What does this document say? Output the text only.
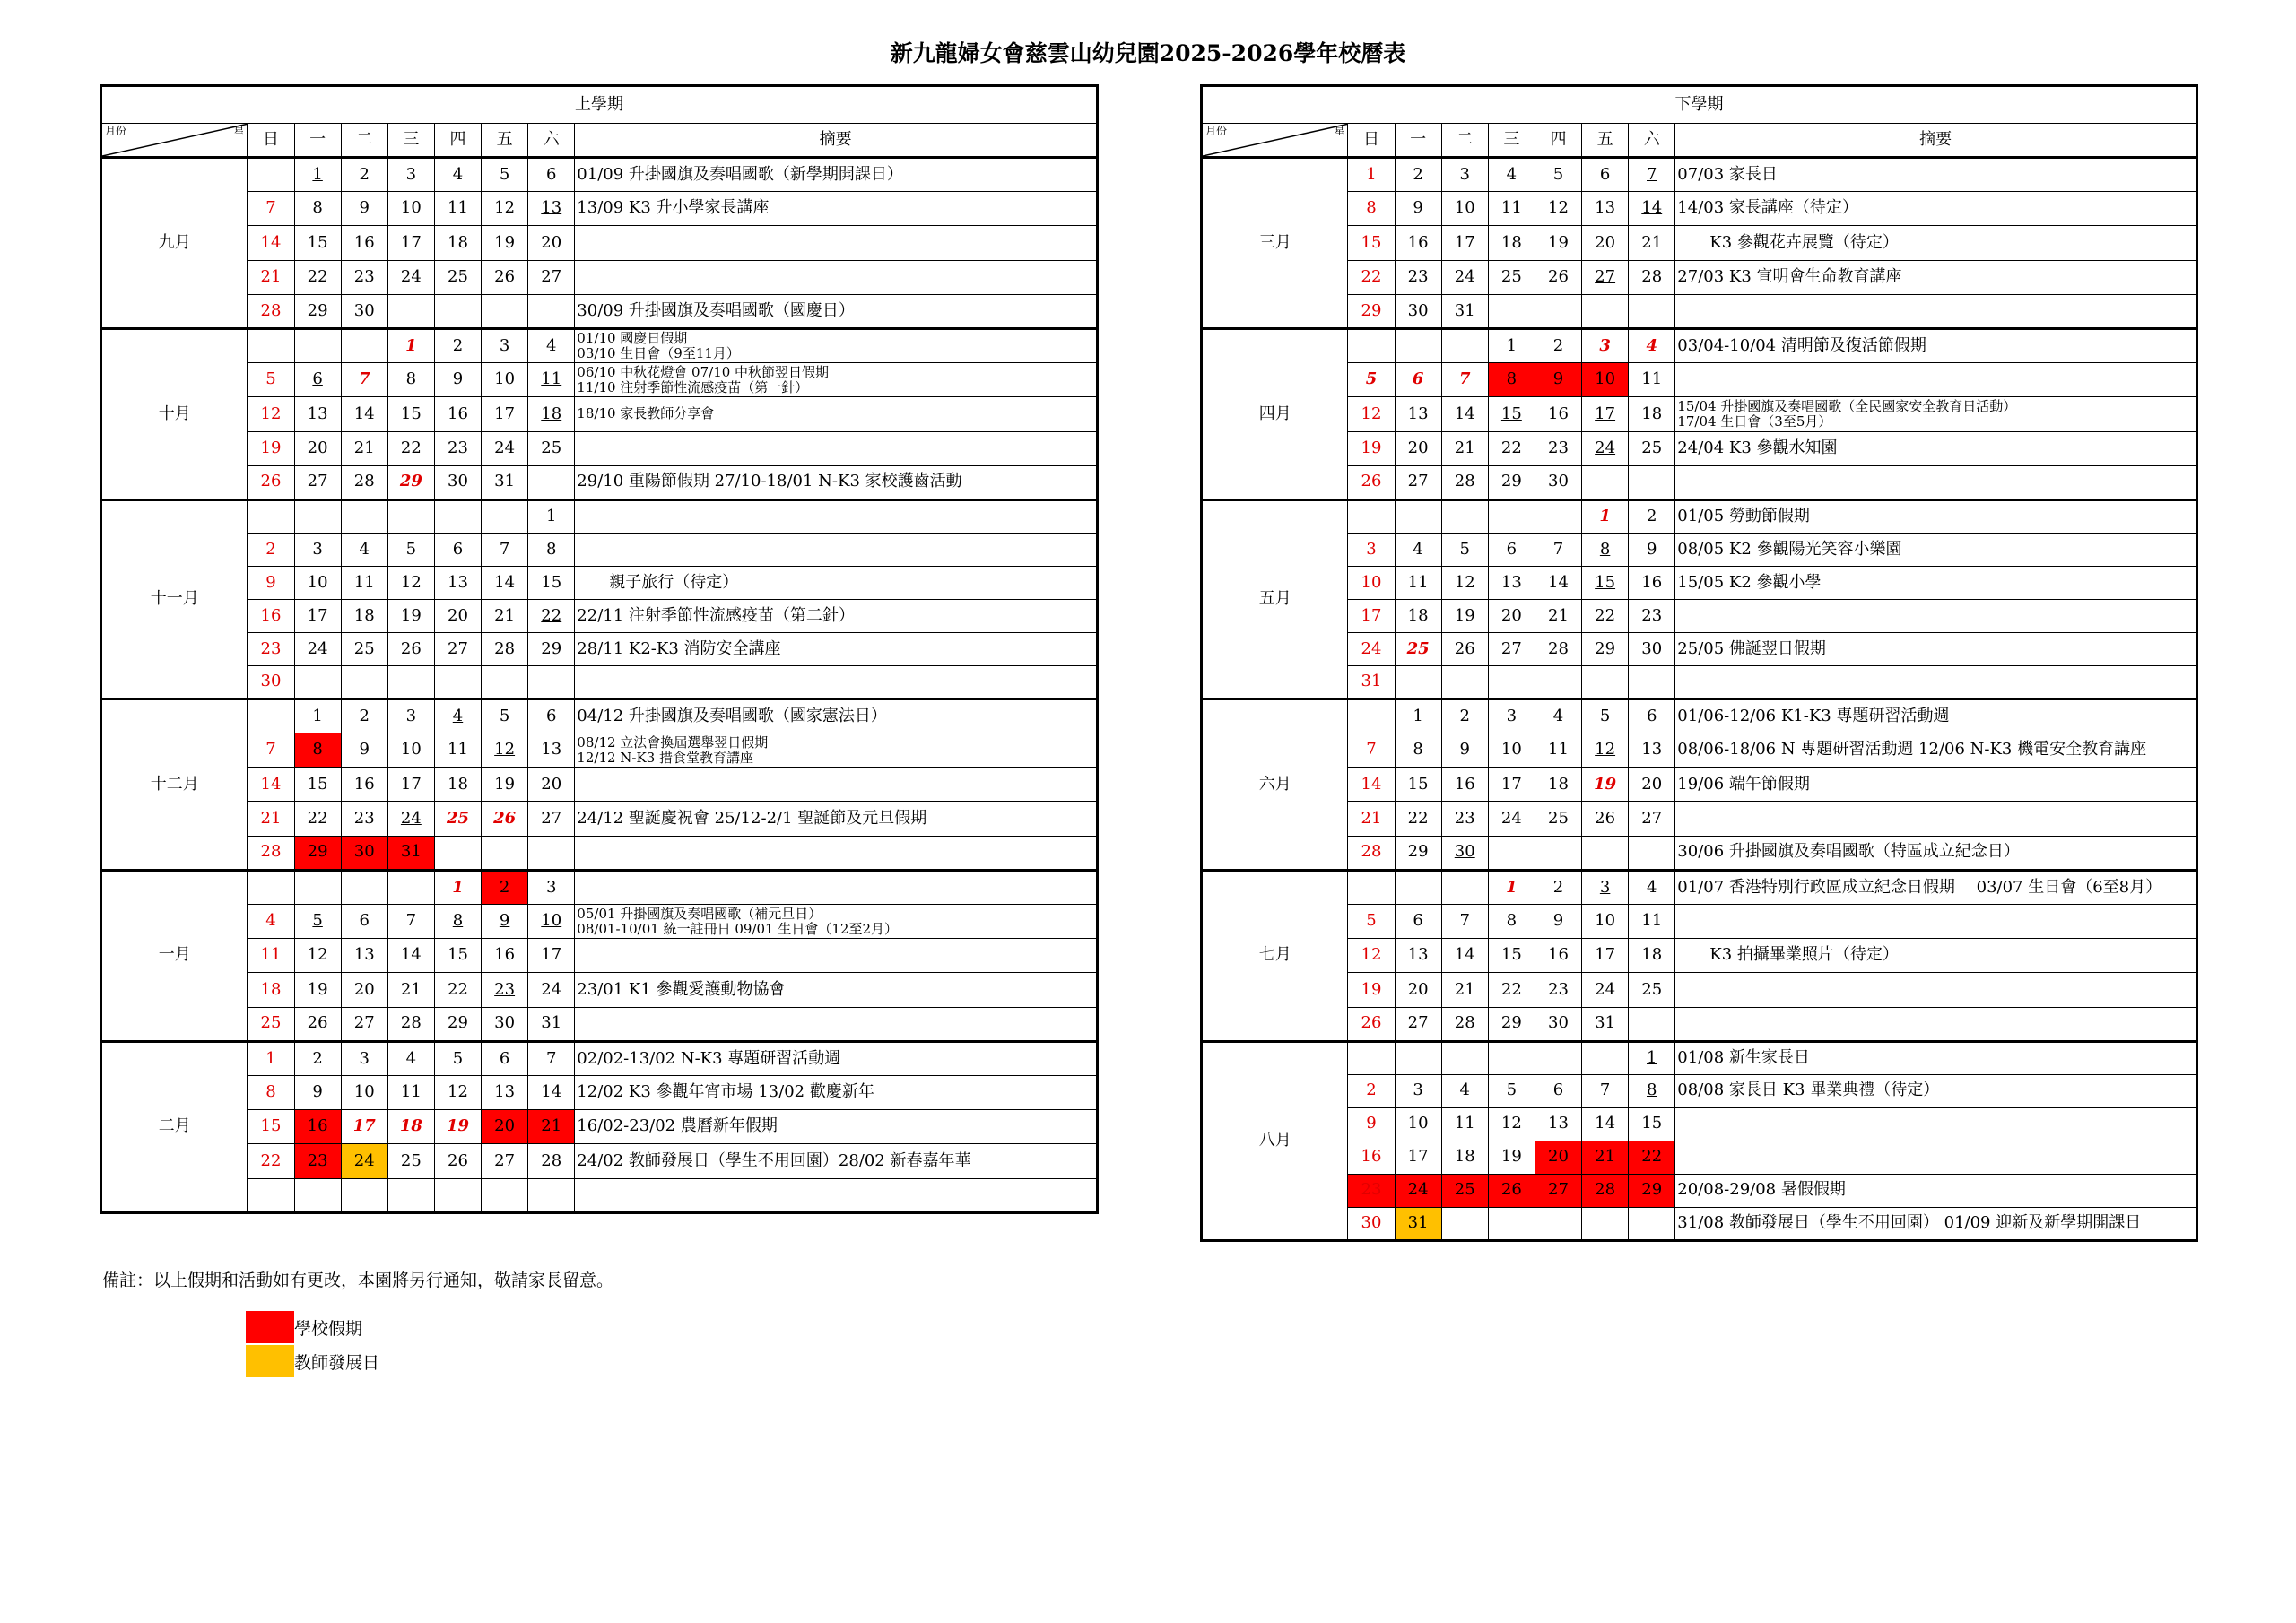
新九龍婦女會慈雲山幼兒園2025-2026學年校曆表
上學期								

月份 星	日	一	二	三	四	五	六	摘要
九月		1	2	3	4	5	6	01/09 升掛國旗及奏唱國歌（新學期開課日）

	7	8	9	10	11	12	13	13/09 K3 升小學家長講座

	14	15	16	17	18	19	20	

	21	22	23	24	25	26	27	

	28	29	30					30/09 升掛國旗及奏唱國歌（國慶日）

十月				1	2	3	4	01/10 國慶日假期
03/10 生日會（9至11月）

	5	6	7	8	9	10	11	06/10 中秋花燈會 07/10 中秋節翌日假期
11/10 注射季節性流感疫苗（第一針）

	12	13	14	15	16	17	18	18/10 家長教師分享會

	19	20	21	22	23	24	25	

	26	27	28	29	30	31		29/10 重陽節假期 27/10-18/01 N-K3 家校護齒活動

十一月							1	

	2	3	4	5	6	7	8	

	9	10	11	12	13	14	15	　　親子旅行（待定）

	16	17	18	19	20	21	22	22/11 注射季節性流感疫苗（第二針）

	23	24	25	26	27	28	29	28/11 K2-K3 消防安全講座

	30							

十二月		1	2	3	4	5	6	04/12 升掛國旗及奏唱國歌（國家憲法日）

	7	8	9	10	11	12	13	08/12 立法會換屆選舉翌日假期
12/12 N-K3 措食堂教育講座

	14	15	16	17	18	19	20	

	21	22	23	24	25	26	27	24/12 聖誕慶祝會 25/12-2/1 聖誕節及元旦假期

	28	29	30	31				

一月					1	2	3	

	4	5	6	7	8	9	10	05/01 升掛國旗及奏唱國歌（補元旦日）
08/01-10/01 統一註冊日 09/01 生日會（12至2月）

	11	12	13	14	15	16	17	

	18	19	20	21	22	23	24	23/01 K1 參觀愛護動物協會

	25	26	27	28	29	30	31	

二月	1	2	3	4	5	6	7	02/02-13/02 N-K3 專題研習活動週

	8	9	10	11	12	13	14	12/02 K3 參觀年宵市場 13/02 歡慶新年

	15	16	17	18	19	20	21	16/02-23/02 農曆新年假期

	22	23	24	25	26	27	28	24/02 教師發展日（學生不用回園）28/02 新春嘉年華

下學期								

月份 星	日	一	二	三	四	五	六	摘要
三月	1	2	3	4	5	6	7	07/03 家長日

	8	9	10	11	12	13	14	14/03 家長講座（待定）

	15	16	17	18	19	20	21	　　K3 參觀花卉展覽（待定）

	22	23	24	25	26	27	28	27/03 K3 宣明會生命教育講座

	29	30	31					

四月				1	2	3	4	03/04-10/04 清明節及復活節假期

	5	6	7	8	9	10	11	

	12	13	14	15	16	17	18	15/04 升掛國旗及奏唱國歌（全民國家安全教育日活動）
17/04 生日會（3至5月）

	19	20	21	22	23	24	25	24/04 K3 參觀水知園

	26	27	28	29	30			

五月						1	2	01/05 勞動節假期

	3	4	5	6	7	8	9	08/05 K2 參觀陽光笑容小樂園

	10	11	12	13	14	15	16	15/05 K2 參觀小學

	17	18	19	20	21	22	23	

	24	25	26	27	28	29	30	25/05 佛誕翌日假期

	31							

六月		1	2	3	4	5	6	01/06-12/06 K1-K3 專題研習活動週

	7	8	9	10	11	12	13	08/06-18/06 N 專題研習活動週 12/06 N-K3 機電安全教育講座

	14	15	16	17	18	19	20	19/06 端午節假期

	21	22	23	24	25	26	27	

	28	29	30					30/06 升掛國旗及奏唱國歌（特區成立紀念日）

七月				1	2	3	4	01/07 香港特別行政區成立紀念日假期　 03/07 生日會（6至8月）

	5	6	7	8	9	10	11	

	12	13	14	15	16	17	18	　　K3 拍攝畢業照片（待定）

	19	20	21	22	23	24	25	

	26	27	28	29	30	31		

八月							1	01/08 新生家長日

	2	3	4	5	6	7	8	08/08 家長日 K3 畢業典禮（待定）

	9	10	11	12	13	14	15	

	16	17	18	19	20	21	22	

	23	24	25	26	27	28	29	20/08-29/08 暑假假期

	30	31						31/08 教師發展日（學生不用回園） 01/09 迎新及新學期開課日
備註：以上假期和活動如有更改，本園將另行通知，敬請家長留意。
學校假期
教師發展日
